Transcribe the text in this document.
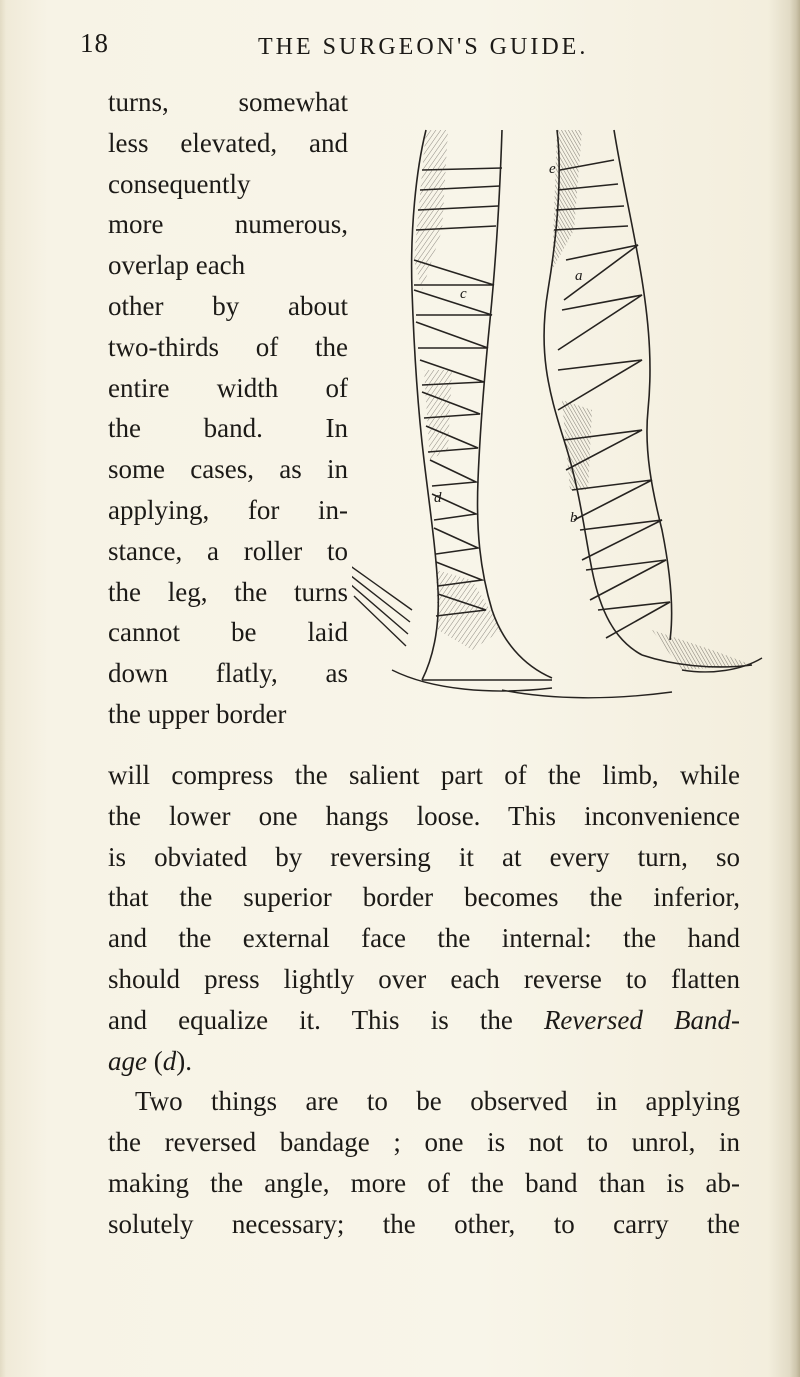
18	THE SURGEON'S GUIDE.
turns, somewhat
less elevated, and
consequently
more numerous,
overlap each
other by about
two-thirds of the
entire width of
the band. In
some cases, as in
applying, for in-
stance, a roller to
the leg, the turns
cannot be laid
down flatly, as
the upper border
a
b
c
d
e
will compress the salient part of the limb, while
the lower one hangs loose. This inconvenience
is obviated by reversing it at every turn, so
that the superior border becomes the inferior,
and the external face the internal: the hand
should press lightly over each reverse to flatten
and equalize it. This is the Reversed Band-
age (d).
Two things are to be observed in applying
the reversed bandage ; one is not to unrol, in
making the angle, more of the band than is ab-
solutely necessary; the other, to carry the
